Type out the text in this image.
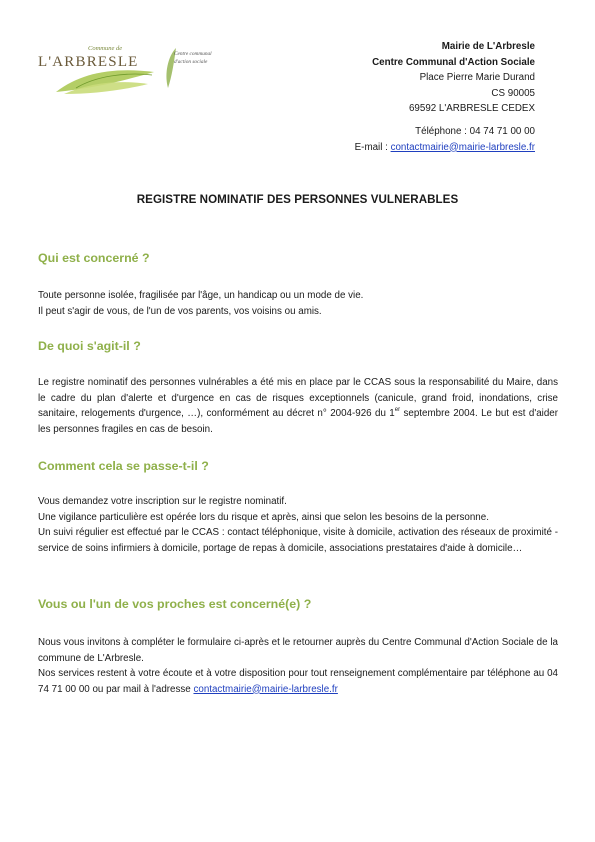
Commune de
L'ARBRESLE	Centre communal d'action sociale
Mairie de L'Arbresle
Centre Communal d'Action Sociale
Place Pierre Marie Durand
CS 90005
69592 L'ARBRESLE CEDEX
Téléphone : 04 74 71 00 00
E-mail : contactmairie@mairie-larbresle.fr
REGISTRE NOMINATIF DES PERSONNES VULNERABLES
Qui est concerné ?
Toute personne isolée, fragilisée par l'âge, un handicap ou un mode de vie.
Il peut s'agir de vous, de l'un de vos parents, vos voisins ou amis.
De quoi s'agit-il ?
Le registre nominatif des personnes vulnérables a été mis en place par le CCAS sous la responsabilité du Maire, dans le cadre du plan d'alerte et d'urgence en cas de risques exceptionnels (canicule, grand froid, inondations, crise sanitaire, relogements d'urgence, …), conformément au décret n° 2004-926 du 1er septembre 2004. Le but est d'aider les personnes fragiles en cas de besoin.
Comment cela se passe-t-il ?
Vous demandez votre inscription sur le registre nominatif.
Une vigilance particulière est opérée lors du risque et après, ainsi que selon les besoins de la personne.
Un suivi régulier est effectué par le CCAS : contact téléphonique, visite à domicile, activation des réseaux de proximité - service de soins infirmiers à domicile, portage de repas à domicile, associations prestataires d'aide à domicile…
Vous ou l'un de vos proches est concerné(e) ?
Nous vous invitons à compléter le formulaire ci-après et le retourner auprès du Centre Communal d'Action Sociale de la commune de L'Arbresle.
Nos services restent à votre écoute et à votre disposition pour tout renseignement complémentaire par téléphone au 04 74 71 00 00 ou par mail à l'adresse contactmairie@mairie-larbresle.fr
